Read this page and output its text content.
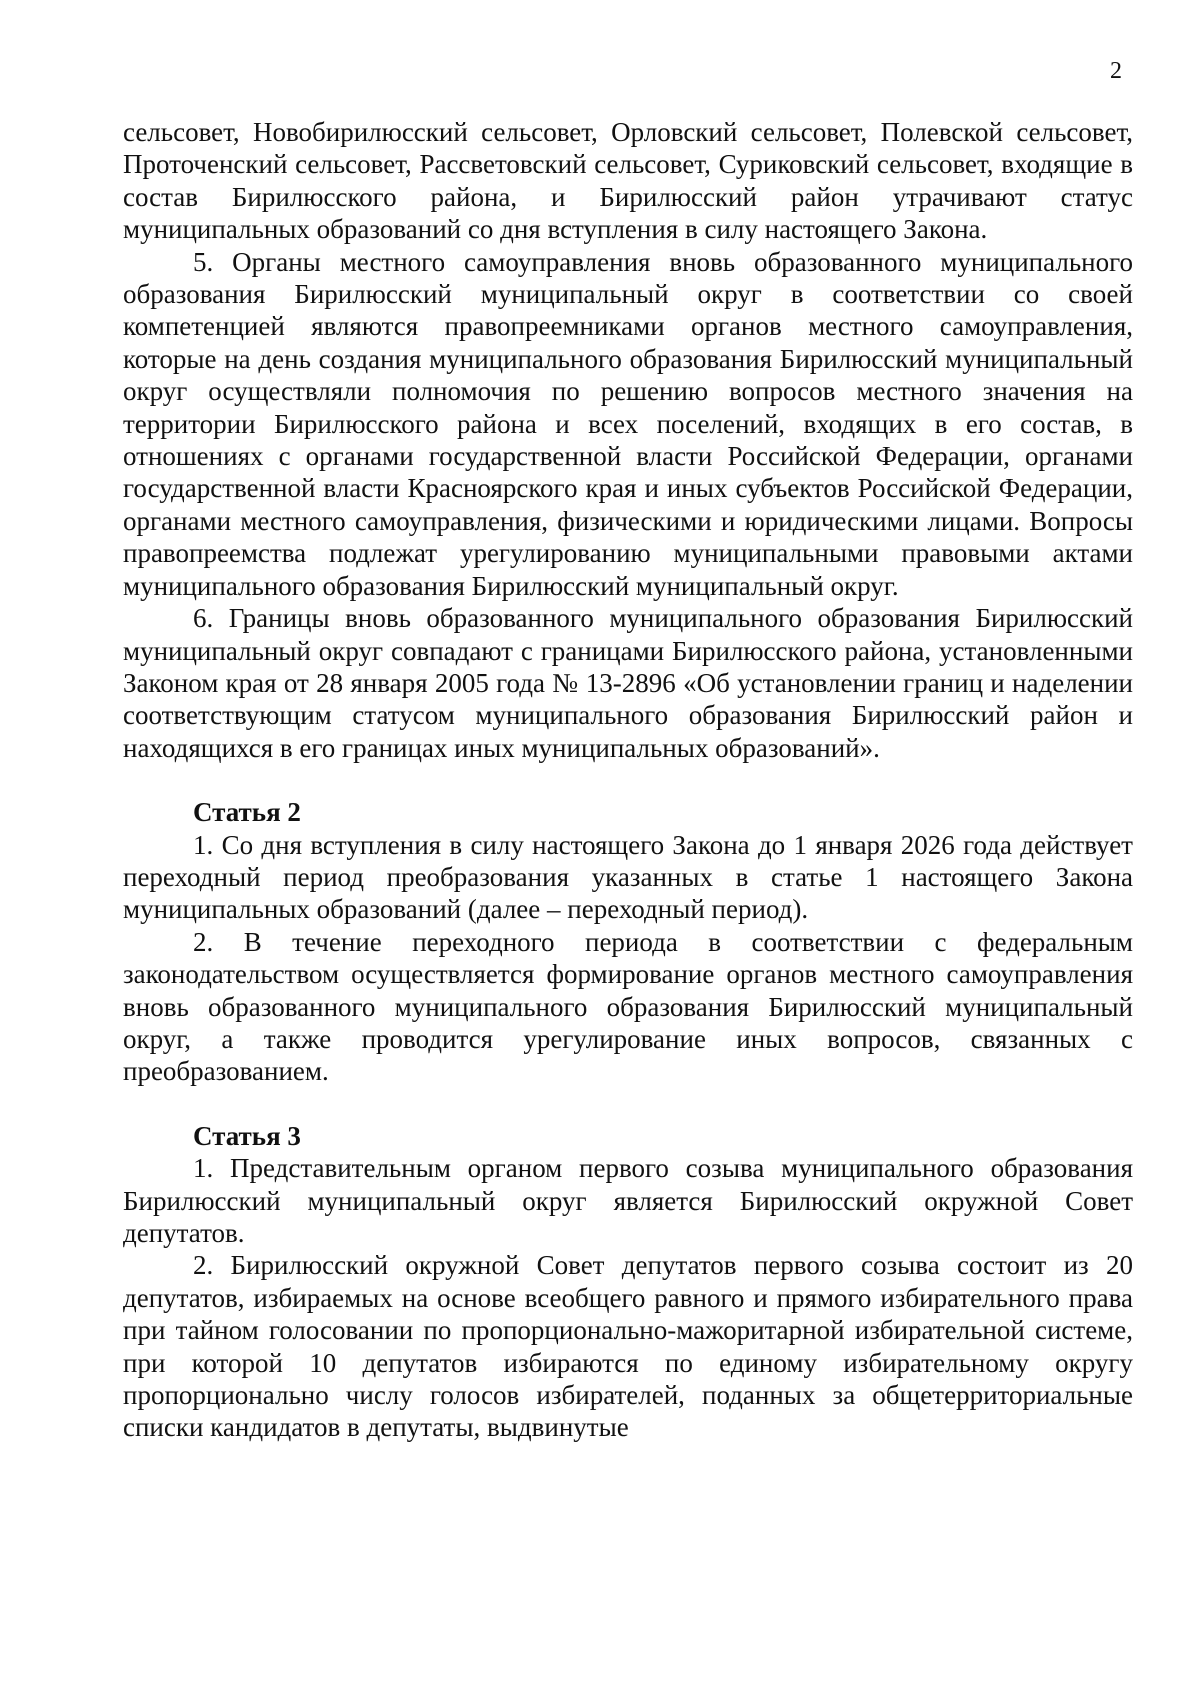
2

сельсовет, Новобирилюсский сельсовет, Орловский сельсовет, Полевской сельсовет, Проточенский сельсовет, Рассветовский сельсовет, Суриковский сельсовет, входящие в состав Бирилюсского района, и Бирилюсский район утрачивают статус муниципальных образований со дня вступления в силу настоящего Закона.

5. Органы местного самоуправления вновь образованного муниципального образования Бирилюсский муниципальный округ в соответствии со своей компетенцией являются правопреемниками органов местного самоуправления, которые на день создания муниципального образования Бирилюсский муниципальный округ осуществляли полномочия по решению вопросов местного значения на территории Бирилюсского района и всех поселений, входящих в его состав, в отношениях с органами государственной власти Российской Федерации, органами государственной власти Красноярского края и иных субъектов Российской Федерации, органами местного самоуправления, физическими и юридическими лицами. Вопросы правопреемства подлежат урегулированию муниципальными правовыми актами муниципального образования Бирилюсский муниципальный округ.

6. Границы вновь образованного муниципального образования Бирилюсский муниципальный округ совпадают с границами Бирилюсского района, установленными Законом края от 28 января 2005 года № 13-2896 «Об установлении границ и наделении соответствующим статусом муниципального образования Бирилюсский район и находящихся в его границах иных муниципальных образований».

Статья 2

1. Со дня вступления в силу настоящего Закона до 1 января 2026 года действует переходный период преобразования указанных в статье 1 настоящего Закона муниципальных образований (далее – переходный период).

2. В течение переходного периода в соответствии с федеральным законодательством осуществляется формирование органов местного самоуправления вновь образованного муниципального образования Бирилюсский муниципальный округ, а также проводится урегулирование иных вопросов, связанных с преобразованием.

Статья 3

1. Представительным органом первого созыва муниципального образования Бирилюсский муниципальный округ является Бирилюсский окружной Совет депутатов.

2. Бирилюсский окружной Совет депутатов первого созыва состоит из 20 депутатов, избираемых на основе всеобщего равного и прямого избирательного права при тайном голосовании по пропорционально-мажоритарной избирательной системе, при которой 10 депутатов избираются по единому избирательному округу пропорционально числу голосов избирателей, поданных за общетерриториальные списки кандидатов в депутаты, выдвинутые
